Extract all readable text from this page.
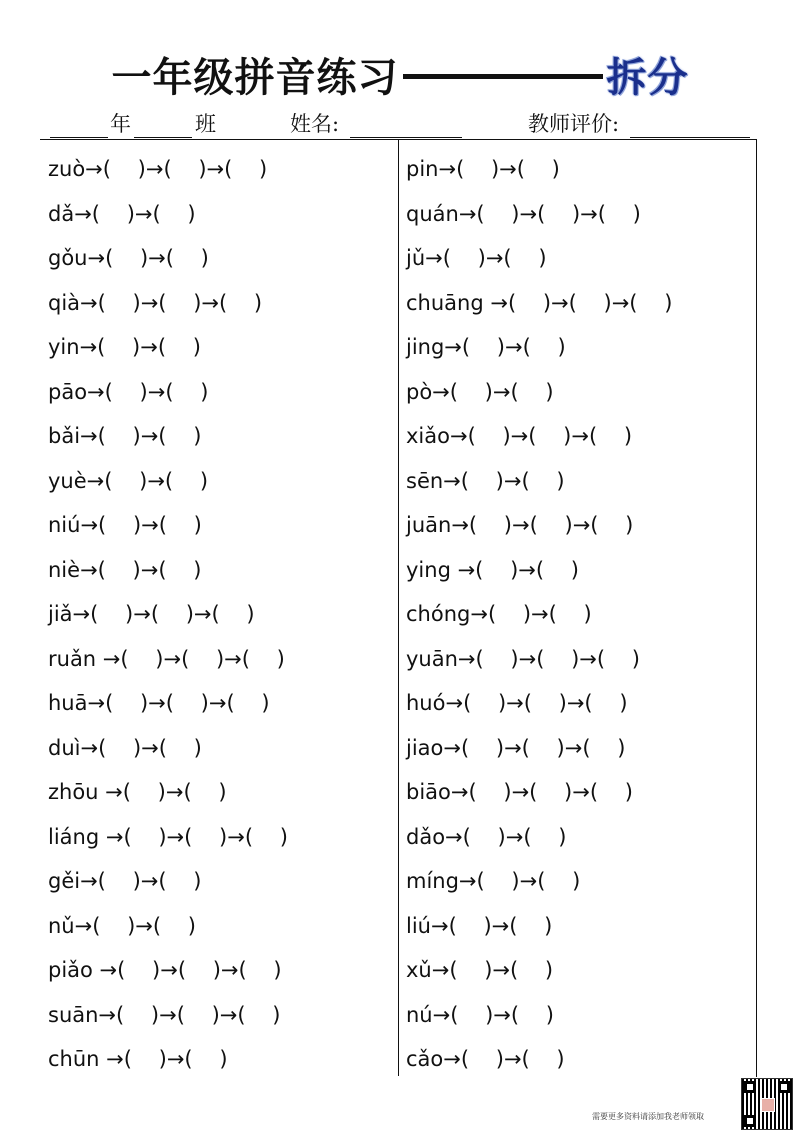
一年级拼音练习	拆分
年	班	姓名:	教师评价:
zuò→(    )→(    )→(    )
dǎ→(    )→(    )
gǒu→(    )→(    )
qià→(    )→(    )→(    )
yin→(    )→(    )
pāo→(    )→(    )
bǎi→(    )→(    )
yuè→(    )→(    )
niú→(    )→(    )
niè→(    )→(    )
jiǎ→(    )→(    )→(    )
ruǎn →(    )→(    )→(    )
huā→(    )→(    )→(    )
duì→(    )→(    )
zhōu →(    )→(    )
liáng →(    )→(    )→(    )
gěi→(    )→(    )
nǔ→(    )→(    )
piǎo →(    )→(    )→(    )
suān→(    )→(    )→(    )
chūn →(    )→(    )
pin→(    )→(    )
quán→(    )→(    )→(    )
jǔ→(    )→(    )
chuāng →(    )→(    )→(    )
jing→(    )→(    )
pò→(    )→(    )
xiǎo→(    )→(    )→(    )
sēn→(    )→(    )
juān→(    )→(    )→(    )
ying →(    )→(    )
chóng→(    )→(    )
yuān→(    )→(    )→(    )
huó→(    )→(    )→(    )
jiao→(    )→(    )→(    )
biāo→(    )→(    )→(    )
dǎo→(    )→(    )
míng→(    )→(    )
liú→(    )→(    )
xǔ→(    )→(    )
nú→(    )→(    )
cǎo→(    )→(    )
需要更多资料请添加我老师领取
